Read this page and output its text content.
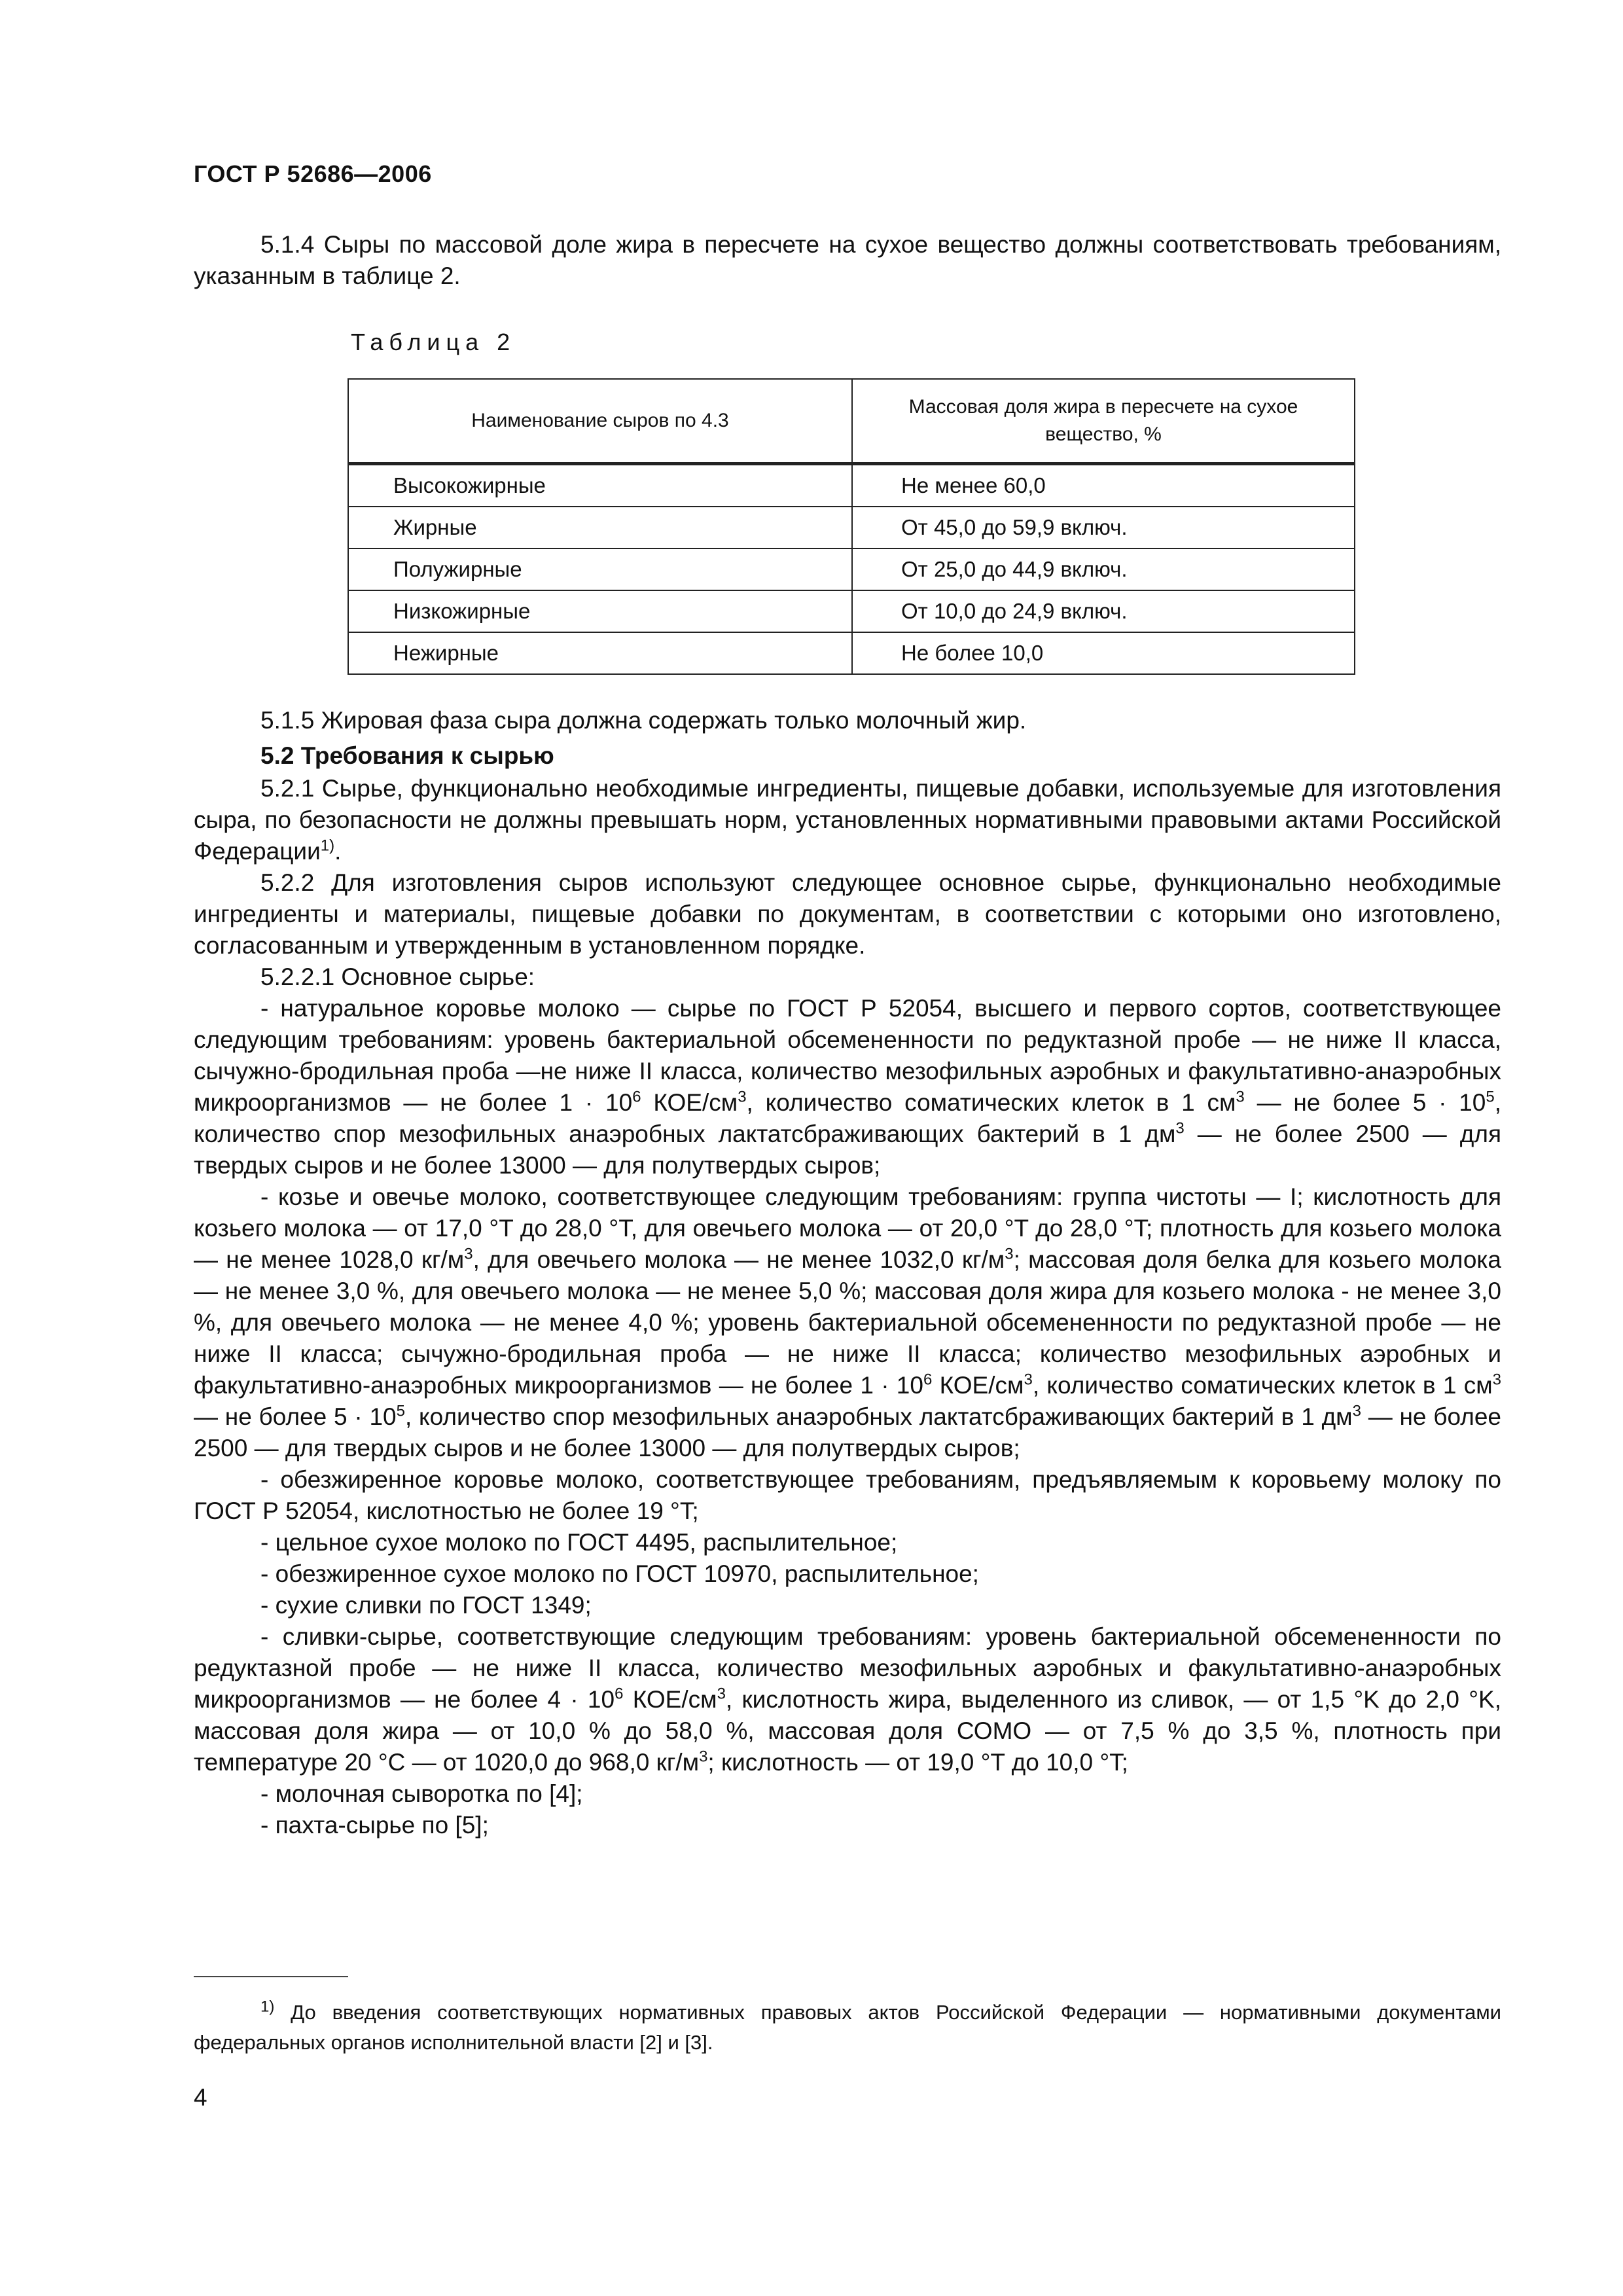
ГОСТ Р 52686—2006

5.1.4 Сыры по массовой доле жира в пересчете на сухое вещество должны соответствовать требованиям, указанным в таблице 2.

Таблица 2
Наименование сыров по 4.3	Массовая доля жира в пересчете на сухое вещество, %
Высокожирные	Не менее 60,0
Жирные	От 45,0 до 59,9 включ.
Полужирные	От 25,0 до 44,9 включ.
Низкожирные	От 10,0 до 24,9 включ.
Нежирные	Не более 10,0

5.1.5 Жировая фаза сыра должна содержать только молочный жир.

5.2 Требования к сырью

5.2.1 Сырье, функционально необходимые ингредиенты, пищевые добавки, используемые для изготовления сыра, по безопасности не должны превышать норм, установленных нормативными правовыми актами Российской Федерации$^{1)}$.

5.2.2 Для изготовления сыров используют следующее основное сырье, функционально необходимые ингредиенты и материалы, пищевые добавки по документам, в соответствии с которыми оно изготовлено, согласованным и утвержденным в установленном порядке.

5.2.2.1 Основное сырье:

- натуральное коровье молоко — сырье по ГОСТ Р 52054, высшего и первого сортов, соответствующее следующим требованиям: уровень бактериальной обсемененности по редуктазной пробе — не ниже II класса, сычужно-бродильная проба —не ниже II класса, количество мезофильных аэробных и факультативно-анаэробных микроорганизмов — не более $1 \cdot 10^6$ КОЕ/$см^3$, количество соматических клеток в 1 $см^3$ — не более $5 \cdot 10^5$, количество спор мезофильных анаэробных лактатсбраживающих бактерий в 1 $дм^3$ — не более 2500 — для твердых сыров и не более 13000 — для полутвердых сыров;

- козье и овечье молоко, соответствующее следующим требованиям: группа чистоты — I; кислотность для козьего молока — от 17,0 °T до 28,0 °T, для овечьего молока — от 20,0 °T до 28,0 °T; плотность для козьего молока — не менее 1028,0 $кг/м^3$, для овечьего молока — не менее 1032,0 $кг/м^3$; массовая доля белка для козьего молока — не менее 3,0 %, для овечьего молока — не менее 5,0 %; массовая доля жира для козьего молока - не менее 3,0 %, для овечьего молока — не менее 4,0 %; уровень бактериальной обсемененности по редуктазной пробе — не ниже II класса; сычужно-бродильная проба — не ниже II класса; количество мезофильных аэробных и факультативно-анаэробных микроорганизмов — не более $1 \cdot 10^6$ КОЕ/$см^3$, количество соматических клеток в 1 $см^3$ — не более $5 \cdot 10^5$, количество спор мезофильных анаэробных лактатсбраживающих бактерий в 1 $дм^3$ — не более 2500 — для твердых сыров и не более 13000 — для полутвердых сыров;

- обезжиренное коровье молоко, соответствующее требованиям, предъявляемым к коровьему молоку по ГОСТ Р 52054, кислотностью не более 19 °T;

- цельное сухое молоко по ГОСТ 4495, распылительное;

- обезжиренное сухое молоко по ГОСТ 10970, распылительное;

- сухие сливки по ГОСТ 1349;

- сливки-сырье, соответствующие следующим требованиям: уровень бактериальной обсемененности по редуктазной пробе — не ниже II класса, количество мезофильных аэробных и факультативно-анаэробных микроорганизмов — не более $4 \cdot 10^6$ КОЕ/$см^3$, кислотность жира, выделенного из сливок, — от 1,5 °K до 2,0 °K, массовая доля жира — от 10,0 % до 58,0 %, массовая доля СОМО — от 7,5 % до 3,5 %, плотность при температуре 20 °C — от 1020,0 до 968,0 $кг/м^3$; кислотность — от 19,0 °T до 10,0 °T;

- молочная сыворотка по [4];

- пахта-сырье по [5];

$^{1)}$ До введения соответствующих нормативных правовых актов Российской Федерации — нормативными документами федеральных органов исполнительной власти [2] и [3].

4
